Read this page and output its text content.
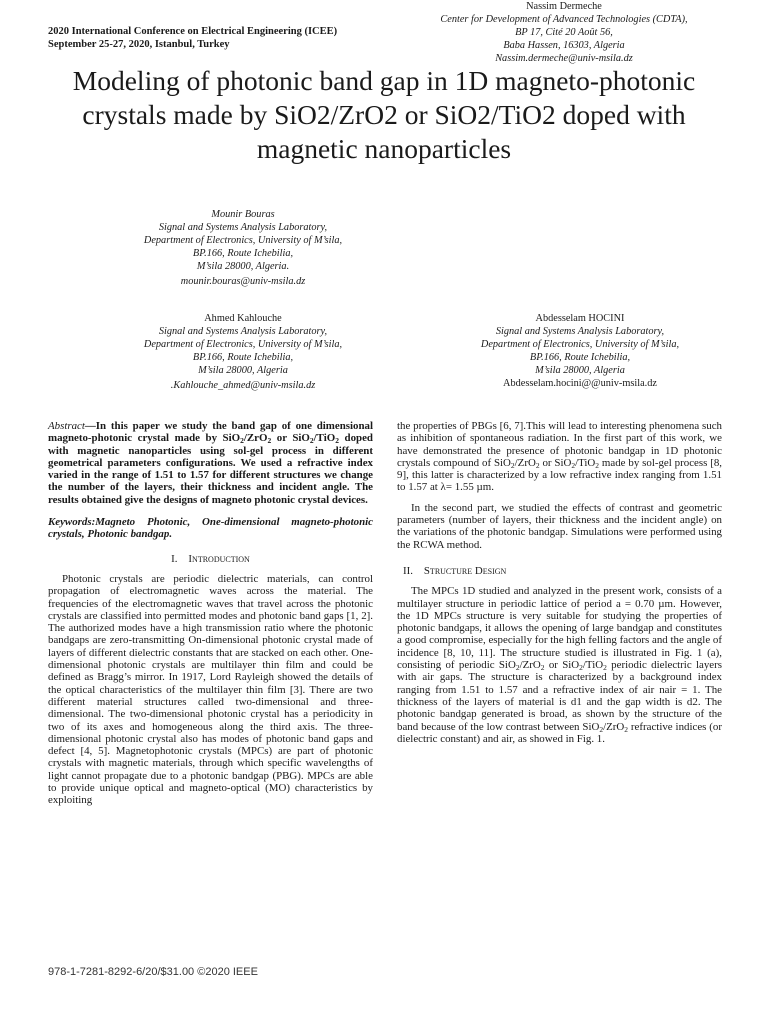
2020 International Conference on Electrical Engineering (ICEE)
September 25-27, 2020, Istanbul, Turkey
Modeling of photonic band gap in 1D magneto-photonic crystals made by SiO2/ZrO2 or SiO2/TiO2 doped with magnetic nanoparticles
Mounir Bouras
Signal and Systems Analysis Laboratory,
Department of Electronics, University of M’sila,
BP.166, Route Ichebilia,
M’sila 28000, Algeria.
mounir.bouras@univ-msila.dz
Nassim Dermeche
Center for Development of Advanced Technologies (CDTA),
BP 17, Cité 20 Août 56,
Baba Hassen, 16303, Algeria
Nassim.dermeche@univ-msila.dz
Ahmed Kahlouche
Signal and Systems Analysis Laboratory,
Department of Electronics, University of M’sila,
BP.166, Route Ichebilia,
M’sila 28000, Algeria
.Kahlouche_ahmed@univ-msila.dz
Abdesselam HOCINI
Signal and Systems Analysis Laboratory,
Department of Electronics, University of M’sila,
BP.166, Route Ichebilia,
M’sila 28000, Algeria
Abdesselam.hocini@@univ-msila.dz

Abstract—In this paper we study the band gap of one dimensional magneto-photonic crystal made by SiO$_2$/ZrO$_2$ or SiO$_2$/TiO$_2$ doped with magnetic nanoparticles using sol-gel process in different geometrical parameters configurations. We used a refractive index varied in the range of 1.51 to 1.57 for different structures we change the number of the layers, their thickness and incident angle. The results obtained give the designs of magneto photonic crystal devices.

Keywords:Magneto Photonic, One-dimensional magneto-photonic crystals, Photonic bandgap.

I. Introduction

Photonic crystals are periodic dielectric materials, can control propagation of electromagnetic waves across the material. The frequencies of the electromagnetic waves that travel across the photonic crystals are classified into permitted modes and photonic band gaps [1, 2]. The authorized modes have a high transmission ratio where the photonic bandgaps are zero-transmitting On-dimensional photonic crystal made of layers of different dielectric constants that are stacked on each other. One-dimensional photonic crystals are multilayer thin film and could be defined as Bragg’s mirror. In 1917, Lord Rayleigh showed the details of the optical characteristics of the multilayer thin film [3]. There are two different material structures called two-dimensional and three-dimensional. The two-dimensional photonic crystal has a periodicity in two of its axes and homogeneous along the third axis. The three-dimensional photonic crystal also has modes of photonic band gaps and defect [4, 5]. Magnetophotonic crystals (MPCs) are part of photonic crystals with magnetic materials, through which specific wavelengths of light cannot propagate due to a photonic bandgap (PBG). MPCs are able to provide unique optical and magneto-optical (MO) characteristics by exploiting

the properties of PBGs [6, 7].This will lead to interesting phenomena such as inhibition of spontaneous radiation. In the first part of this work, we have demonstrated the presence of photonic bandgap in 1D photonic crystals compound of SiO$_2$/ZrO$_2$ or SiO$_2$/TiO$_2$ made by sol-gel process [8, 9], this latter is characterized by a low refractive index ranging from 1.51 to 1.57 at λ= 1.55 µm.

In the second part, we studied the effects of contrast and geometric parameters (number of layers, their thickness and the incident angle) on the variations of the photonic bandgap. Simulations were performed using the RCWA method.

II. Structure Design

The MPCs 1D studied and analyzed in the present work, consists of a multilayer structure in periodic lattice of period a = 0.70 µm. However, the 1D MPCs structure is very suitable for studying the properties of photonic bandgaps, it allows the opening of large bandgap and constitutes a good compromise, especially for the high felling factors and the angle of incidence [8, 10, 11]. The structure studied is illustrated in Fig. 1 (a), consisting of periodic SiO$_2$/ZrO$_2$ or SiO$_2$/TiO$_2$ periodic dielectric layers with air gaps. The structure is characterized by a background index ranging from 1.51 to 1.57 and a refractive index of air nair = 1. The thickness of the layers of material is d1 and the gap width is d2. The photonic bandgap generated is broad, as shown by the structure of the band because of the low contrast between SiO$_2$/ZrO$_2$ refractive indices (or dielectric constant) and air, as showed in Fig. 1.

978-1-7281-8292-6/20/$31.00 ©2020 IEEE
